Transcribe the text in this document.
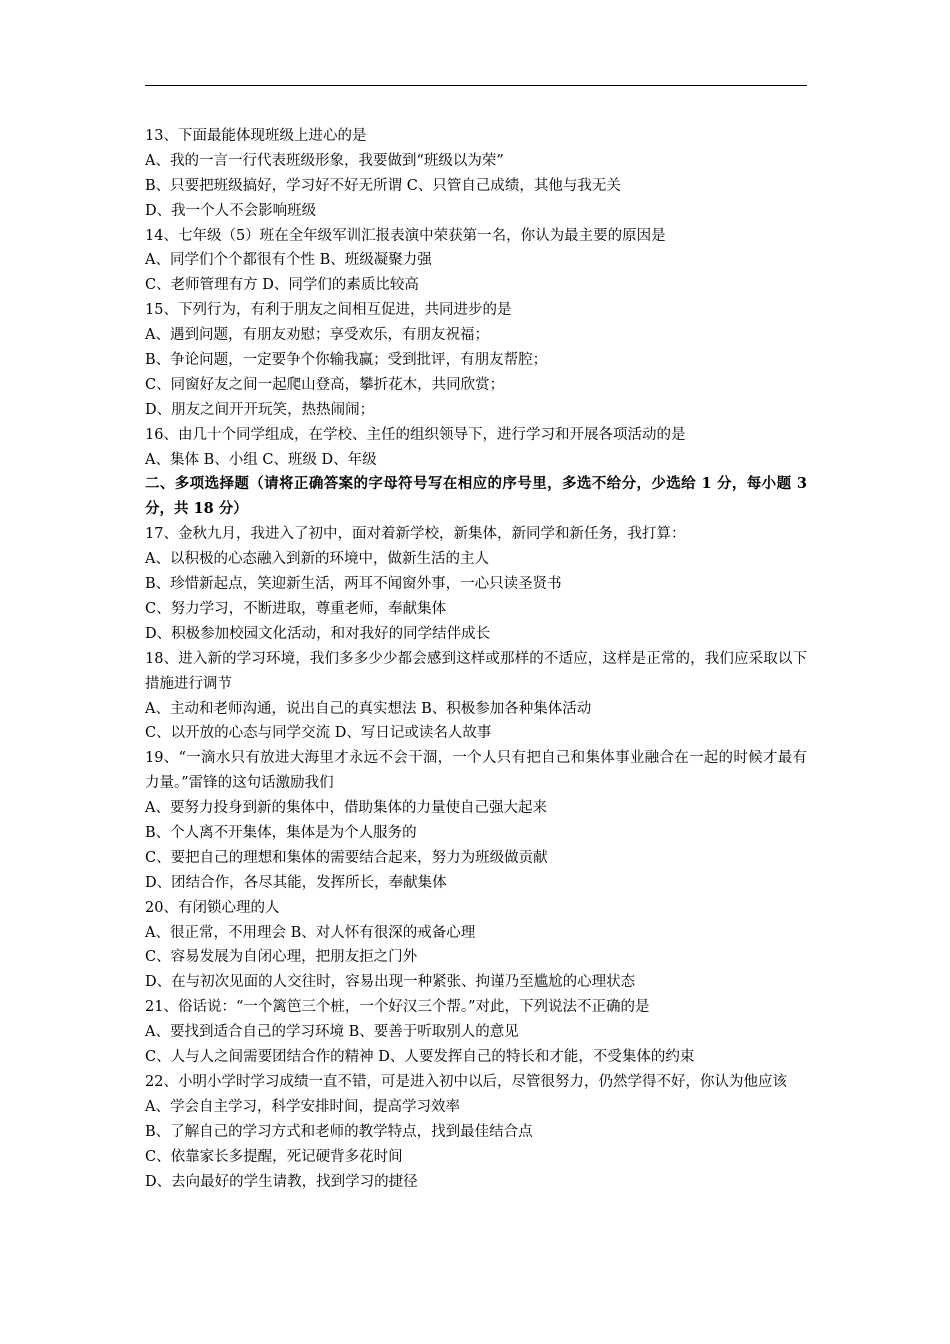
13、下面最能体现班级上进心的是
A、我的一言一行代表班级形象，我要做到“班级以为荣”
B、只要把班级搞好，学习好不好无所谓 C、只管自己成绩，其他与我无关
D、我一个人不会影响班级
14、七年级（5）班在全年级军训汇报表演中荣获第一名，你认为最主要的原因是
A、同学们个个都很有个性 B、班级凝聚力强
C、老师管理有方 D、同学们的素质比较高
15、下列行为，有利于朋友之间相互促进，共同进步的是
A、遇到问题，有朋友劝慰；享受欢乐，有朋友祝福；
B、争论问题，一定要争个你输我赢；受到批评，有朋友帮腔；
C、同窗好友之间一起爬山登高，攀折花木，共同欣赏；
D、朋友之间开开玩笑，热热闹闹；
16、由几十个同学组成，在学校、主任的组织领导下，进行学习和开展各项活动的是
A、集体 B、小组 C、班级 D、年级
二、多项选择题（请将正确答案的字母符号写在相应的序号里，多选不给分，少选给 1 分，每小题 3 分，共 18 分）
17、金秋九月，我进入了初中，面对着新学校，新集体，新同学和新任务，我打算：
A、以积极的心态融入到新的环境中，做新生活的主人
B、珍惜新起点，笑迎新生活，两耳不闻窗外事，一心只读圣贤书
C、努力学习，不断进取，尊重老师，奉献集体
D、积极参加校园文化活动，和对我好的同学结伴成长
18、进入新的学习环境，我们多多少少都会感到这样或那样的不适应，这样是正常的，我们应采取以下措施进行调节
A、主动和老师沟通，说出自己的真实想法 B、积极参加各种集体活动
C、以开放的心态与同学交流 D、写日记或读名人故事
19、“一滴水只有放进大海里才永远不会干涸，一个人只有把自己和集体事业融合在一起的时候才最有力量。”雷锋的这句话激励我们
A、要努力投身到新的集体中，借助集体的力量使自己强大起来
B、个人离不开集体，集体是为个人服务的
C、要把自己的理想和集体的需要结合起来，努力为班级做贡献
D、团结合作，各尽其能，发挥所长，奉献集体
20、有闭锁心理的人
A、很正常，不用理会 B、对人怀有很深的戒备心理
C、容易发展为自闭心理，把朋友拒之门外
D、在与初次见面的人交往时，容易出现一种紧张、拘谨乃至尴尬的心理状态
21、俗话说：“一个篱笆三个桩，一个好汉三个帮。”对此，下列说法不正确的是
A、要找到适合自己的学习环境 B、要善于听取别人的意见
C、人与人之间需要团结合作的精神 D、人要发挥自己的特长和才能，不受集体的约束
22、小明小学时学习成绩一直不错，可是进入初中以后，尽管很努力，仍然学得不好，你认为他应该
A、学会自主学习，科学安排时间，提高学习效率
B、了解自己的学习方式和老师的教学特点，找到最佳结合点
C、依靠家长多提醒，死记硬背多花时间
D、去向最好的学生请教，找到学习的捷径
